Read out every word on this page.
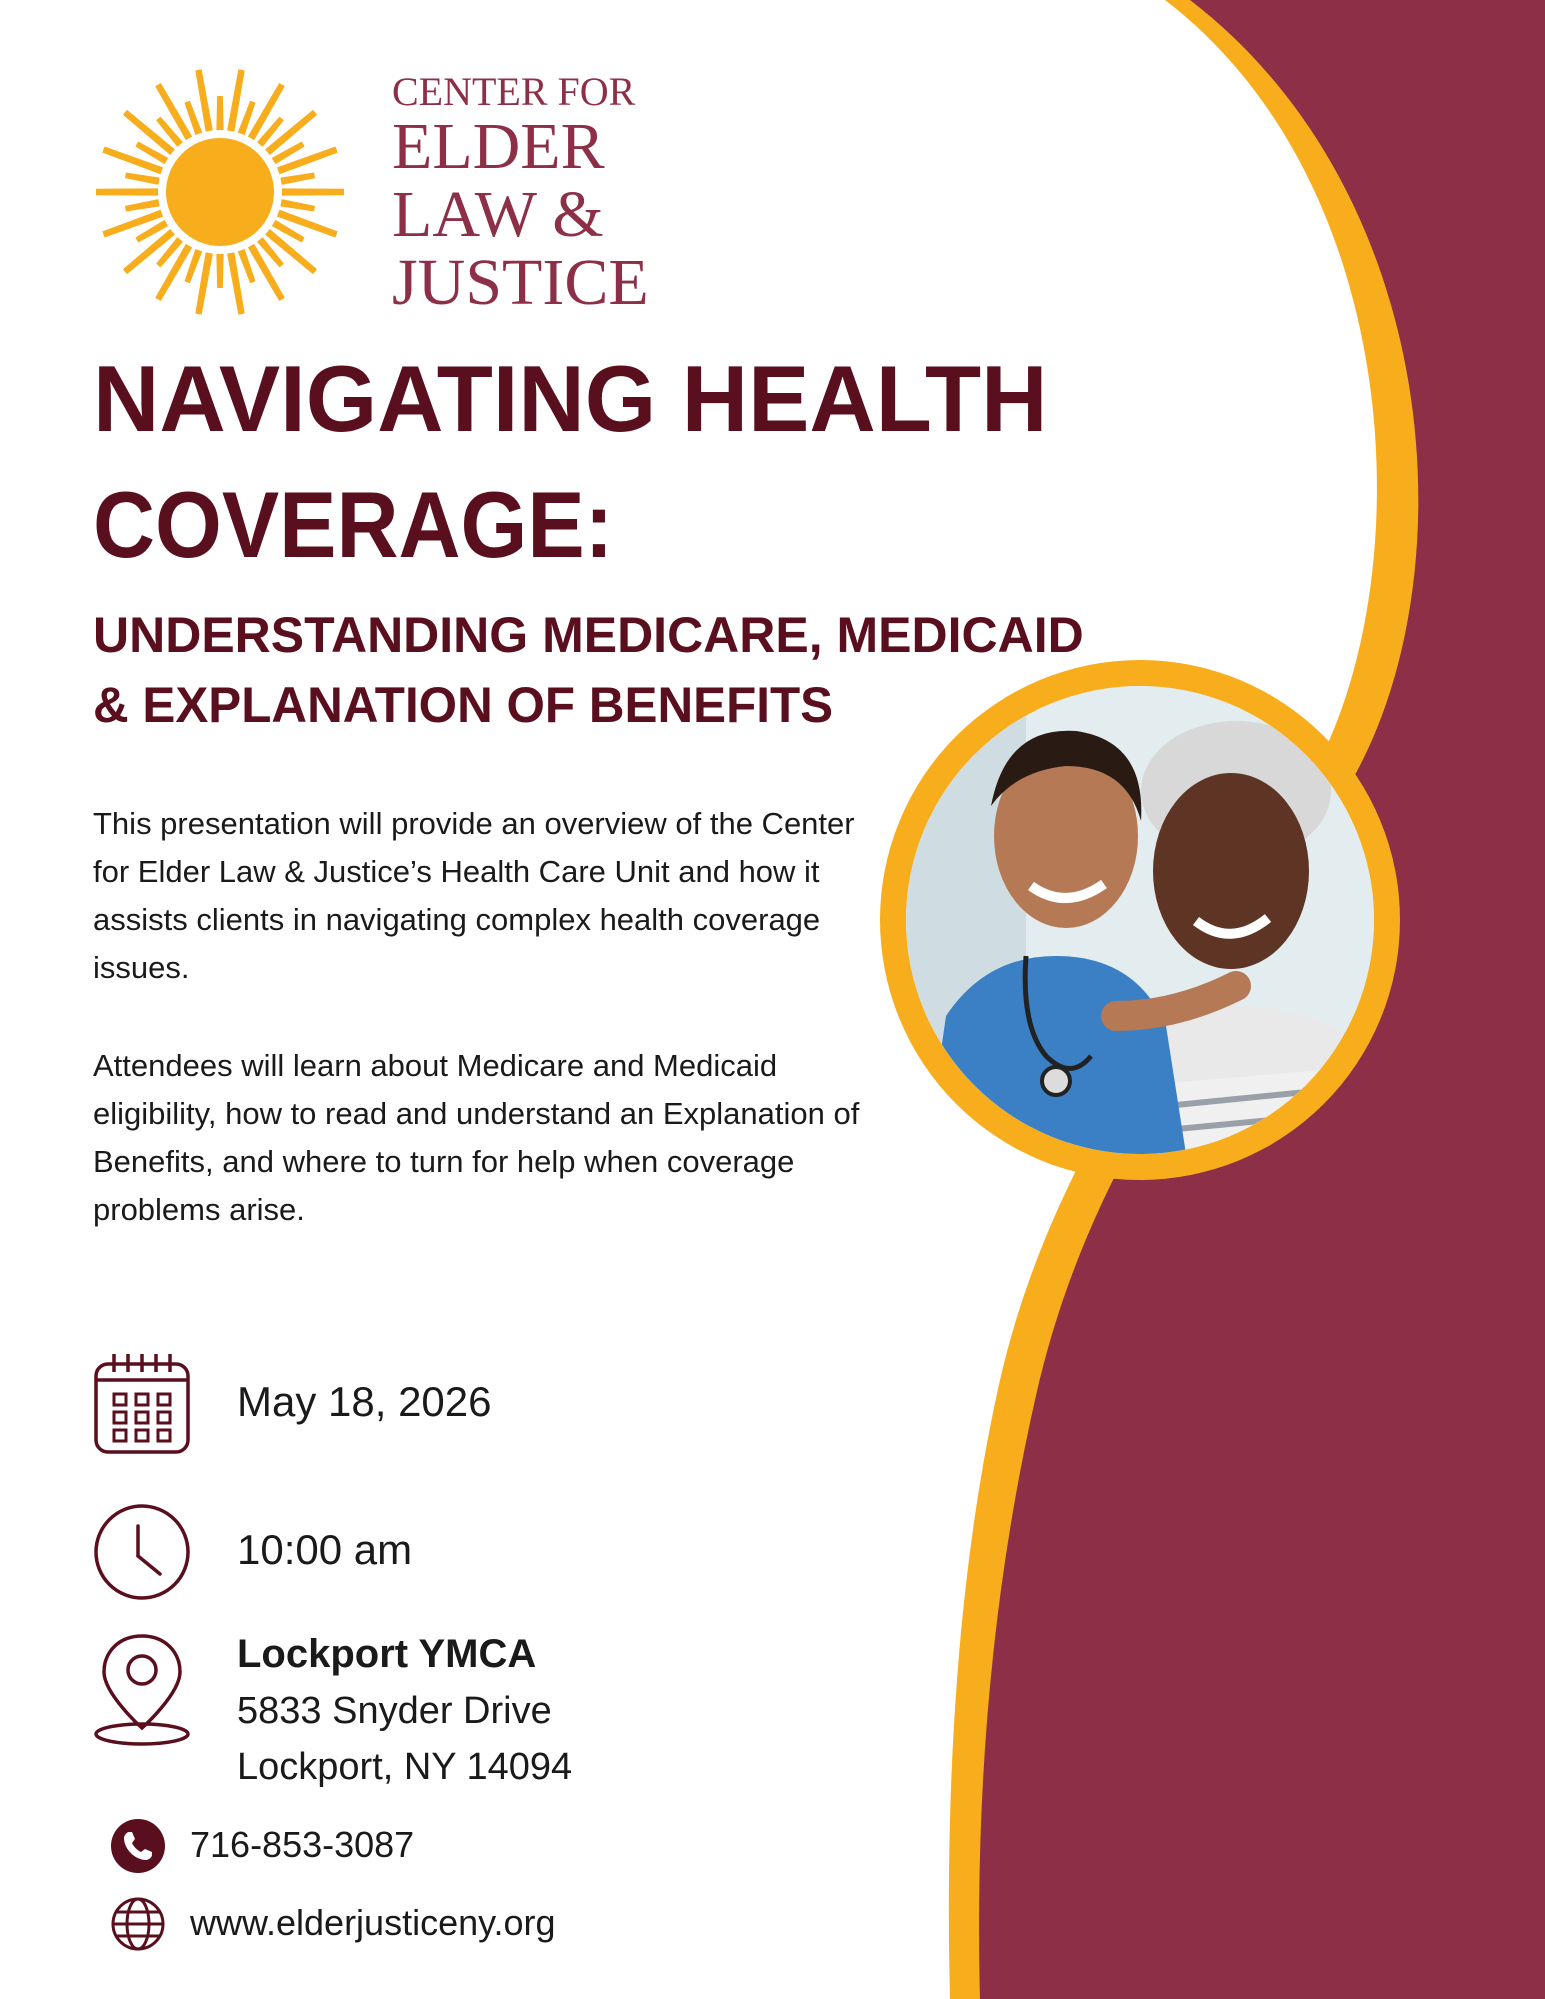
CENTER FOR
ELDER
LAW &
JUSTICE
NAVIGATING HEALTH
COVERAGE:
UNDERSTANDING MEDICARE, MEDICAID
& EXPLANATION OF BENEFITS

This presentation will provide an overview of the Center for Elder Law & Justice’s Health Care Unit and how it assists clients in navigating complex health coverage issues.

Attendees will learn about Medicare and Medicaid eligibility, how to read and understand an Explanation of Benefits, and where to turn for help when coverage problems arise.

May 18, 2026
10:00 am
Lockport YMCA
5833 Snyder Drive
Lockport, NY 14094
716-853-3087
www.elderjusticeny.org
